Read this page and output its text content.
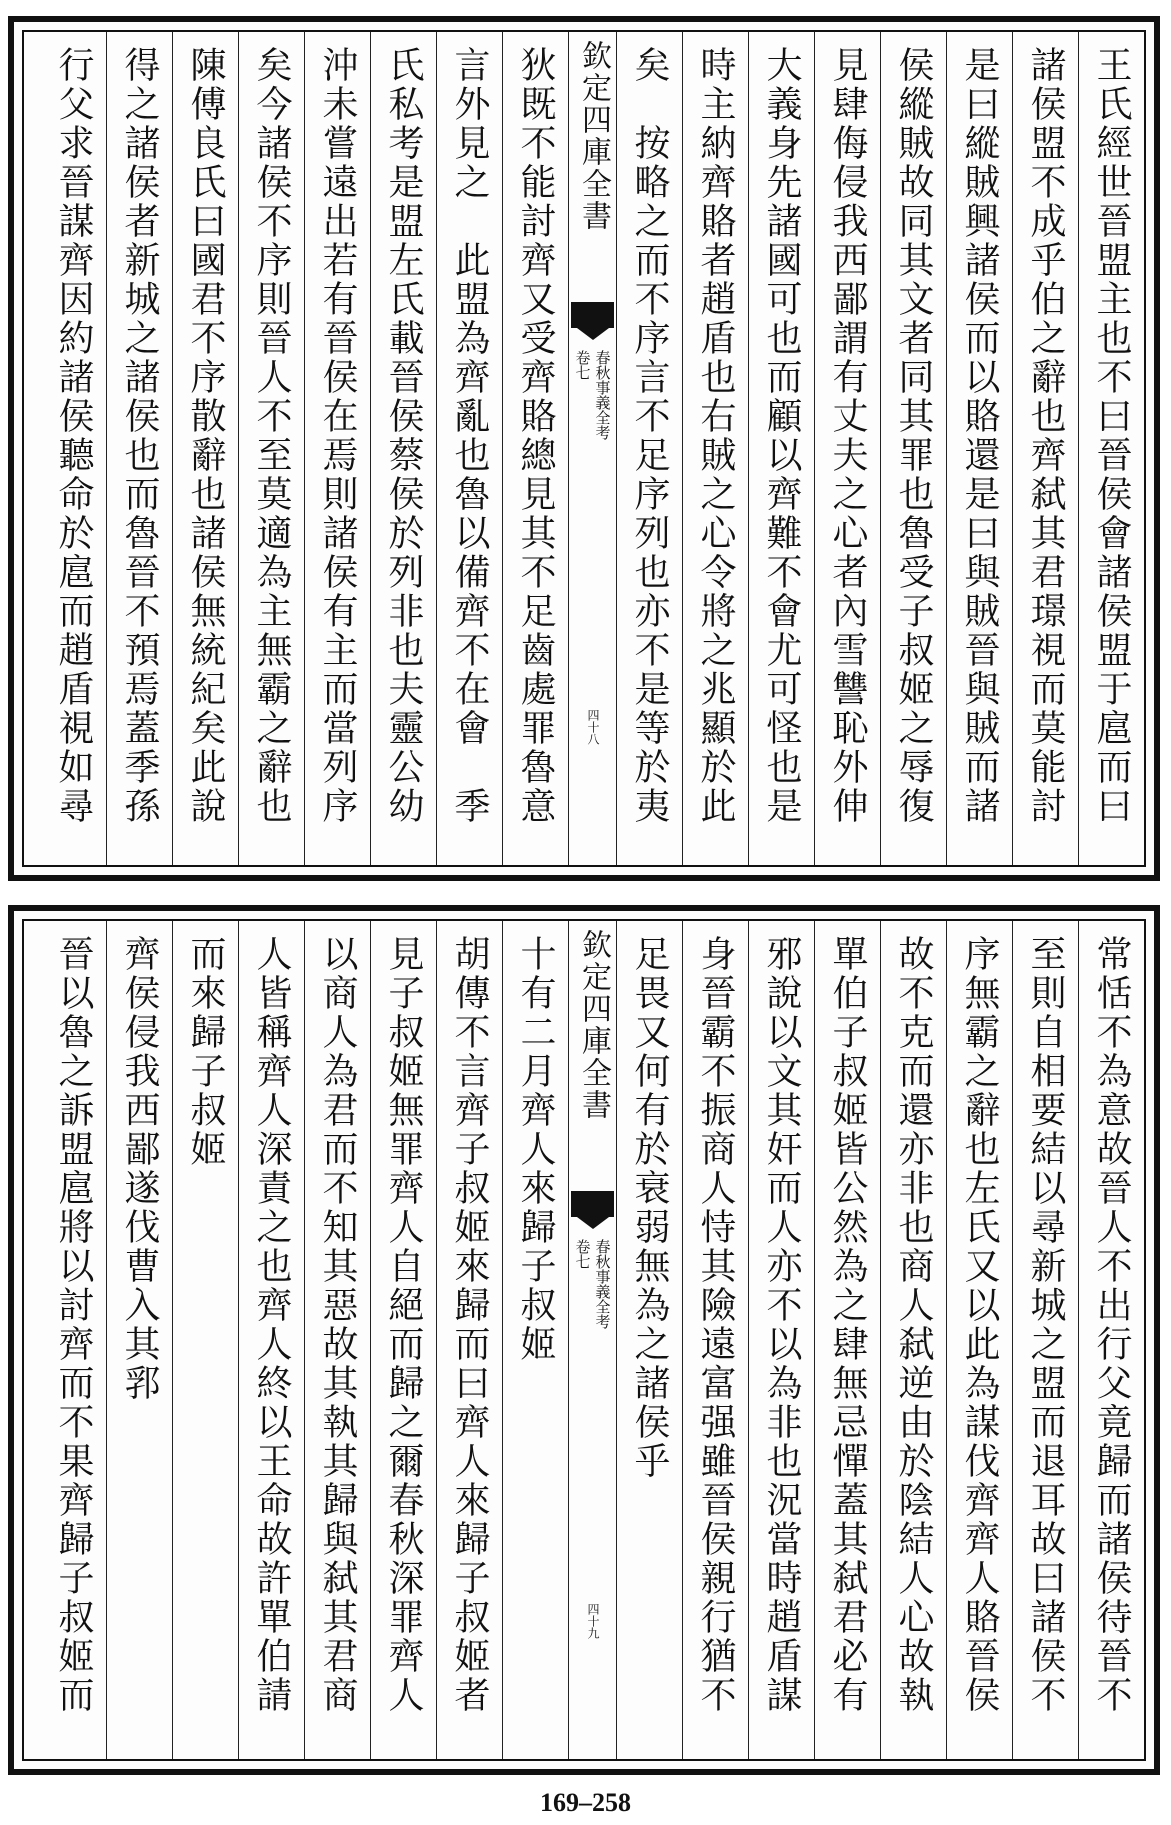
王氏經世晉盟主也不曰晉侯會諸侯盟于扈而曰
諸侯盟不成乎伯之辭也齊弑其君璟視而莫能討
是曰縱賊興諸侯而以賂還是曰與賊晉與賊而諸
侯縱賊故同其文者同其罪也魯受子叔姬之辱復
見肆侮侵我西鄙謂有丈夫之心者內雪讐恥外伸
大義身先諸國可也而顧以齊難不會尤可怪也是
時主納齊賂者趙盾也右賊之心令將之兆顯於此
矣　按略之而不序言不足序列也亦不是等於夷
欽定四庫全書
春秋事義全考
卷七
四十八
狄既不能討齊又受齊賂總見其不足齒處罪魯意
言外見之　此盟為齊亂也魯以備齊不在會　季
氏私考是盟左氏載晉侯蔡侯於列非也夫靈公幼
沖未嘗遠出若有晉侯在焉則諸侯有主而當列序
矣今諸侯不序則晉人不至莫適為主無霸之辭也
陳傅良氏曰國君不序散辭也諸侯無統紀矣此說
得之諸侯者新城之諸侯也而魯晉不預焉蓋季孫
行父求晉謀齊因約諸侯聽命於扈而趙盾視如尋
常恬不為意故晉人不出行父竟歸而諸侯待晉不
至則自相要結以尋新城之盟而退耳故曰諸侯不
序無霸之辭也左氏又以此為謀伐齊齊人賂晉侯
故不克而還亦非也商人弑逆由於陰結人心故執
單伯子叔姬皆公然為之肆無忌憚蓋其弑君必有
邪說以文其奸而人亦不以為非也況當時趙盾謀
身晉霸不振商人恃其險遠富强雖晉侯親行猶不
足畏又何有於衰弱無為之諸侯乎
欽定四庫全書
春秋事義全考
卷七
四十九
十有二月齊人來歸子叔姬
胡傳不言齊子叔姬來歸而曰齊人來歸子叔姬者
見子叔姬無罪齊人自絕而歸之爾春秋深罪齊人
以商人為君而不知其惡故其執其歸與弑其君商
人皆稱齊人深責之也齊人終以王命故許單伯請
而來歸子叔姬
齊侯侵我西鄙遂伐曹入其郛
晉以魯之訴盟扈將以討齊而不果齊歸子叔姬而
169–258
